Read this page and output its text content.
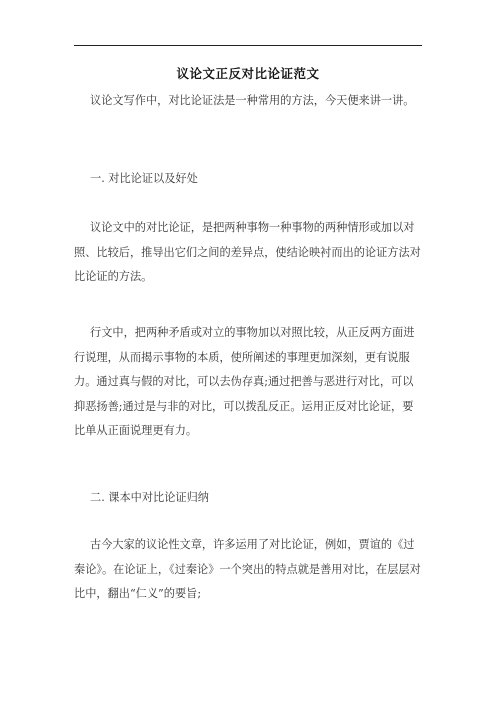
议论文正反对比论证范文

议论文写作中，对比论证法是一种常用的方法，今天便来讲一讲。

一. 对比论证以及好处

议论文中的对比论证，是把两种事物一种事物的两种情形或加以对照、比较后，推导出它们之间的差异点，使结论映衬而出的论证方法对比论证的方法。

行文中，把两种矛盾或对立的事物加以对照比较，从正反两方面进行说理，从而揭示事物的本质，使所阐述的事理更加深刻，更有说服力。通过真与假的对比，可以去伪存真;通过把善与恶进行对比，可以抑恶扬善;通过是与非的对比，可以拨乱反正。运用正反对比论证，要比单从正面说理更有力。

二. 课本中对比论证归纳

古今大家的议论性文章，许多运用了对比论证，例如，贾谊的《过秦论》。在论证上，《过秦论》一个突出的特点就是善用对比，在层层对比中，翻出“仁义”的要旨;
